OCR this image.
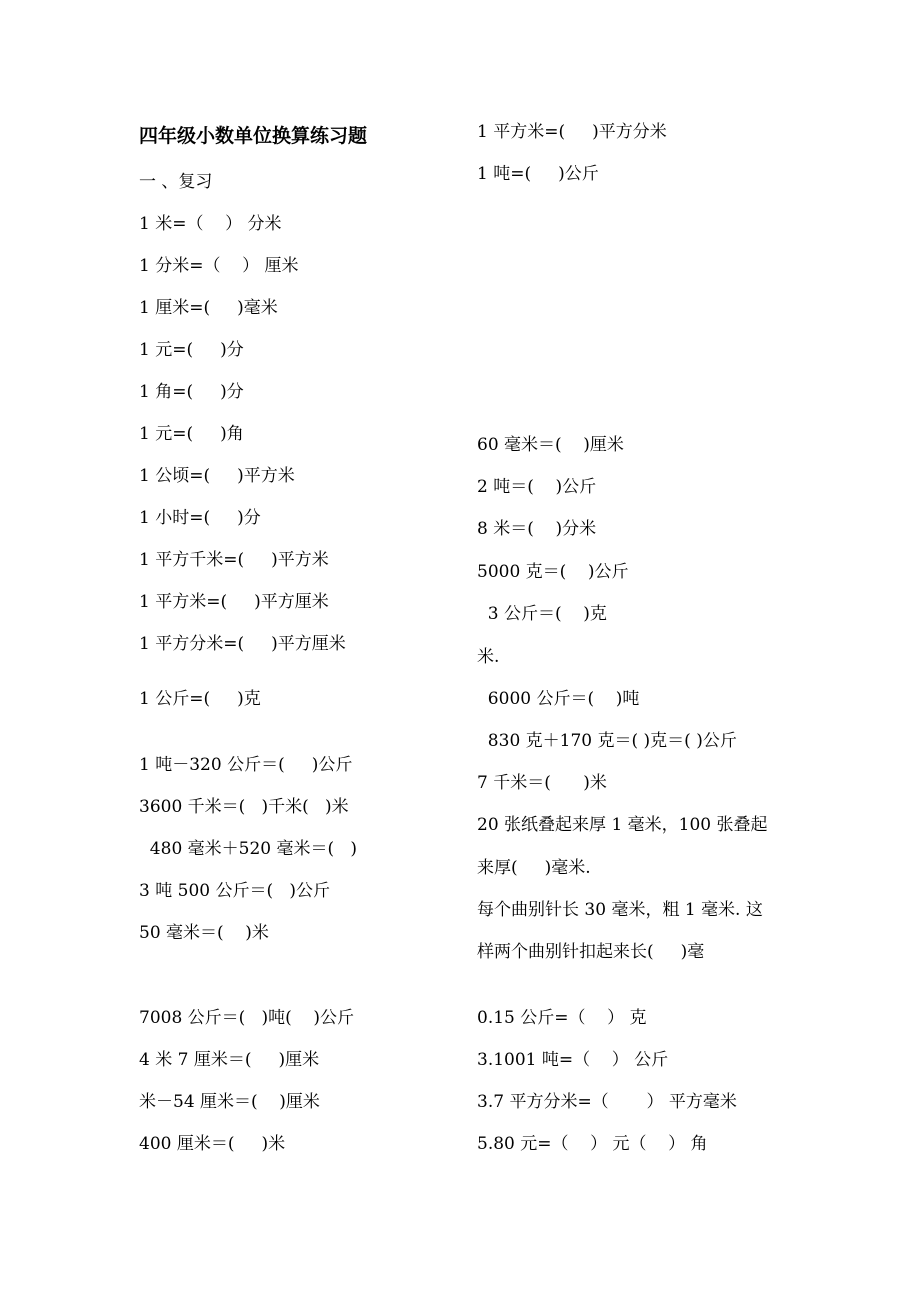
四年级小数单位换算练习题
一 、复习
1 米=（    ） 分米
1 分米=（    ） 厘米
1 厘米=(     )毫米
1 元=(     )分
1 角=(     )分
1 元=(     )角
1 公顷=(     )平方米
1 小时=(     )分
1 平方千米=(     )平方米
1 平方米=(     )平方厘米
1 平方分米=(     )平方厘米
1 公斤=(     )克
1 吨－320 公斤＝(     )公斤
3600 千米＝(   )千米(   )米
480 毫米＋520 毫米＝(   )
3 吨 500 公斤＝(   )公斤
50 毫米＝(    )米
7008 公斤＝(   )吨(    )公斤
4 米 7 厘米＝(     )厘米
米－54 厘米＝(    )厘米
400 厘米＝(     )米
1 平方米=(     )平方分米
1 吨=(     )公斤
60 毫米＝(    )厘米
2 吨＝(    )公斤
8 米＝(    )分米
5000 克＝(    )公斤
3 公斤＝(    )克
米.
6000 公斤＝(    )吨
830 克＋170 克＝( )克＝( )公斤
7 千米＝(      )米
20 张纸叠起来厚 1 毫米，100 张叠起
来厚(     )毫米.
每个曲别针长 30 毫米，粗 1 毫米. 这
样两个曲别针扣起来长(     )毫
0.15 公斤=（    ） 克
3.1001 吨=（    ） 公斤
3.7 平方分米=（       ） 平方毫米
5.80 元=（    ） 元（    ） 角
